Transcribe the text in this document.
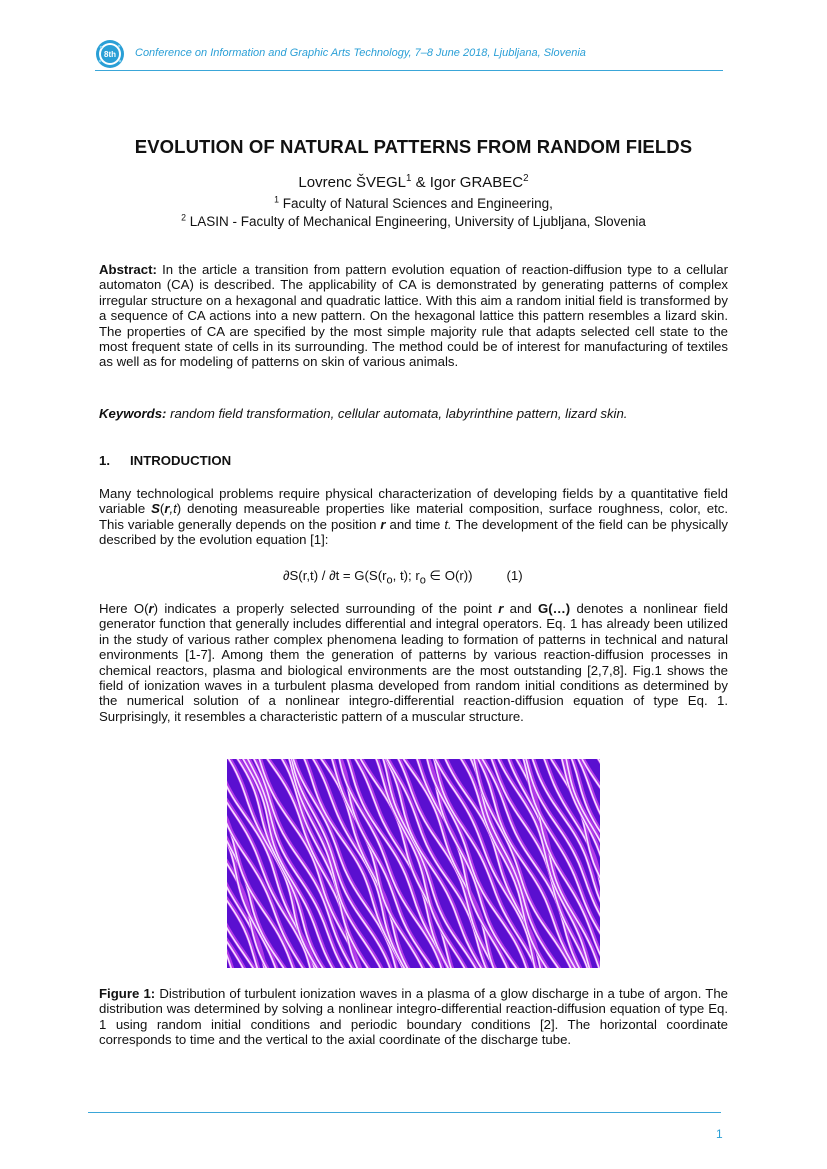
8th Conference on Information and Graphic Arts Technology, 7–8 June 2018, Ljubljana, Slovenia
EVOLUTION OF NATURAL PATTERNS FROM RANDOM FIELDS
Lovrenc ŠVEGL$^1$ & Igor GRABEC$^2$
$^1$ Faculty of Natural Sciences and Engineering,
$^2$ LASIN - Faculty of Mechanical Engineering, University of Ljubljana, Slovenia

Abstract: In the article a transition from pattern evolution equation of reaction-diffusion type to a cellular automaton (CA) is described. The applicability of CA is demonstrated by generating patterns of complex irregular structure on a hexagonal and quadratic lattice. With this aim a random initial field is transformed by a sequence of CA actions into a new pattern. On the hexagonal lattice this pattern resembles a lizard skin. The properties of CA are specified by the most simple majority rule that adapts selected cell state to the most frequent state of cells in its surrounding. The method could be of interest for manufacturing of textiles as well as for modeling of patterns on skin of various animals.

Keywords: random field transformation, cellular automata, labyrinthine pattern, lizard skin.

1. INTRODUCTION

Many technological problems require physical characterization of developing fields by a quantitative field variable S(r,t) denoting measureable properties like material composition, surface roughness, color, etc. This variable generally depends on the position r and time t. The development of the field can be physically described by the evolution equation [1]:

$\partial S(r,t) / \partial t = G(S(r_o$, t); $r_o$ ∈ O(r))	(1)

Here O(r) indicates a properly selected surrounding of the point r and G(…) denotes a nonlinear field generator function that generally includes differential and integral operators. Eq. 1 has already been utilized in the study of various rather complex phenomena leading to formation of patterns in technical and natural environments [1-7]. Among them the generation of patterns by various reaction-diffusion processes in chemical reactors, plasma and biological environments are the most outstanding [2,7,8]. Fig.1 shows the field of ionization waves in a turbulent plasma developed from random initial conditions as determined by the numerical solution of a nonlinear integro-differential reaction-diffusion equation of type Eq. 1. Surprisingly, it resembles a characteristic pattern of a muscular structure.

Figure 1: Distribution of turbulent ionization waves in a plasma of a glow discharge in a tube of argon. The distribution was determined by solving a nonlinear integro-differential reaction-diffusion equation of type Eq. 1 using random initial conditions and periodic boundary conditions [2]. The horizontal coordinate corresponds to time and the vertical to the axial coordinate of the discharge tube.

1
